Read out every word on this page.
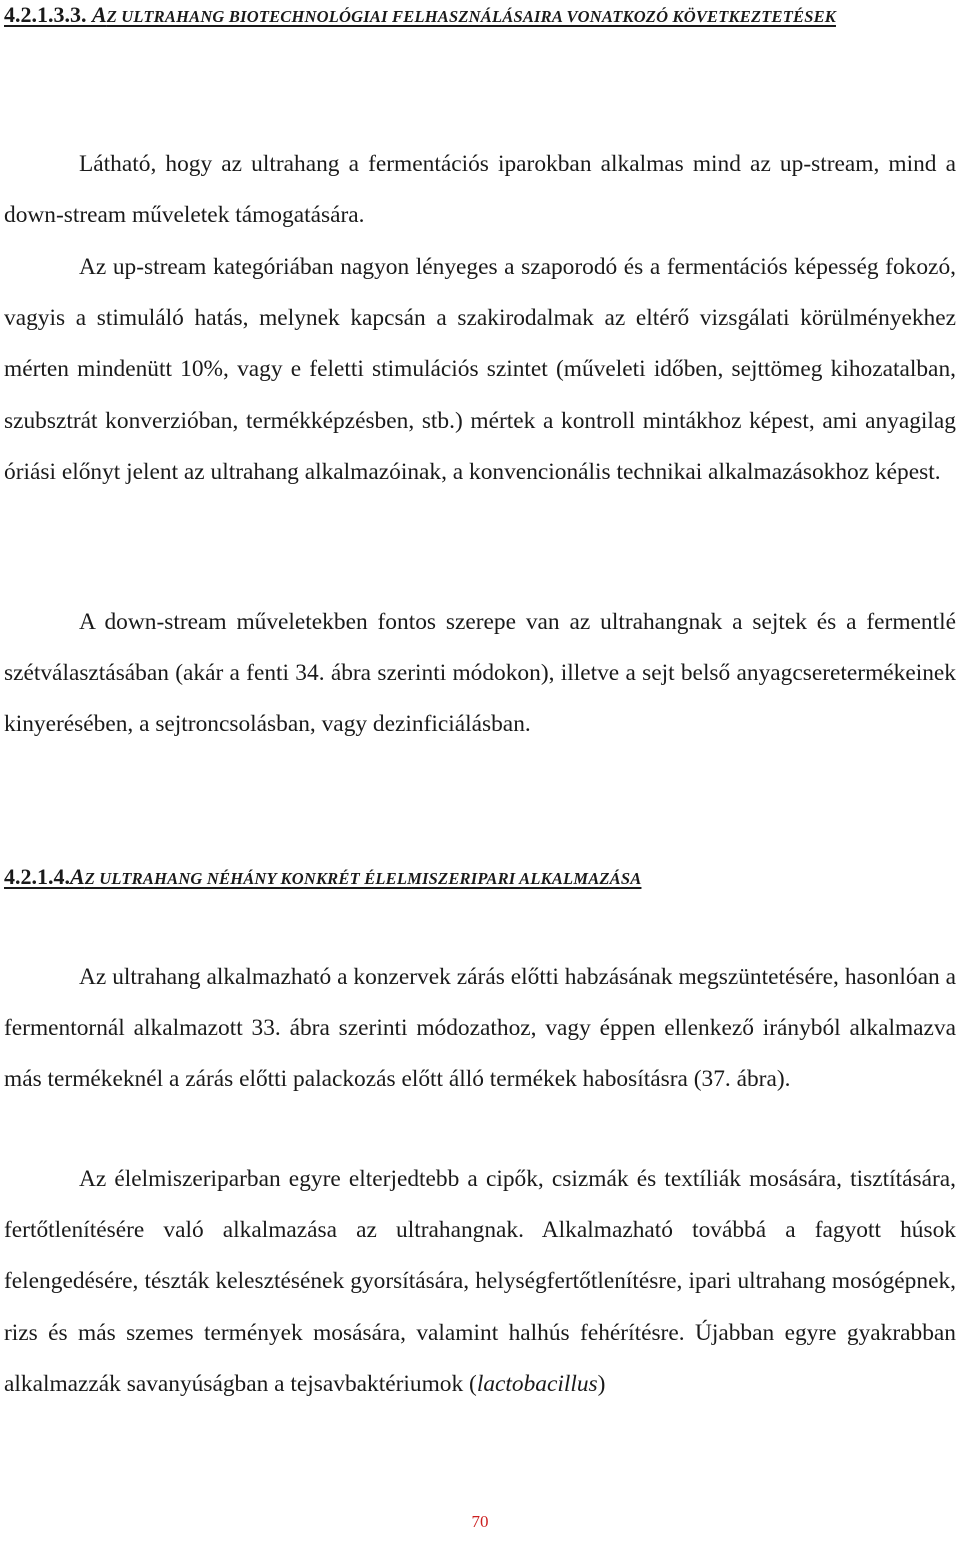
4.2.1.3.3. AZ ULTRAHANG BIOTECHNOLÓGIAI FELHASZNÁLÁSAIRA VONATKOZÓ KÖVETKEZTETÉSEK

Látható, hogy az ultrahang a fermentációs iparokban alkalmas mind az up-stream, mind a down-stream műveletek támogatására.

Az up-stream kategóriában nagyon lényeges a szaporodó és a fermentációs képesség fokozó, vagyis a stimuláló hatás, melynek kapcsán a szakirodalmak az eltérő vizsgálati körülményekhez mérten mindenütt 10%, vagy e feletti stimulációs szintet (műveleti időben, sejttömeg kihozatalban, szubsztrát konverzióban, termékképzésben, stb.) mértek a kontroll mintákhoz képest, ami anyagilag óriási előnyt jelent az ultrahang alkalmazóinak, a konvencionális technikai alkalmazásokhoz képest.

A down-stream műveletekben fontos szerepe van az ultrahangnak a sejtek és a fermentlé szétválasztásában (akár a fenti 34. ábra szerinti módokon), illetve a sejt belső anyagcseretermékeinek kinyerésében, a sejtroncsolásban, vagy dezinficiálásban.

4.2.1.4.AZ ULTRAHANG NÉHÁNY KONKRÉT ÉLELMISZERIPARI ALKALMAZÁSA

Az ultrahang alkalmazható a konzervek zárás előtti habzásának megszüntetésére, hasonlóan a fermentornál alkalmazott 33. ábra szerinti módozathoz, vagy éppen ellenkező irányból alkalmazva más termékeknél a zárás előtti palackozás előtt álló termékek habosításra (37. ábra).

Az élelmiszeriparban egyre elterjedtebb a cipők, csizmák és textíliák mosására, tisztítására, fertőtlenítésére való alkalmazása az ultrahangnak. Alkalmazható továbbá a fagyott húsok felengedésére, tészták kelesztésének gyorsítására, helységfertőtlenítésre, ipari ultrahang mosógépnek, rizs és más szemes termények mosására, valamint halhús fehérítésre. Újabban egyre gyakrabban alkalmazzák savanyúságban a tejsavbaktériumok (lactobacillus)

70
